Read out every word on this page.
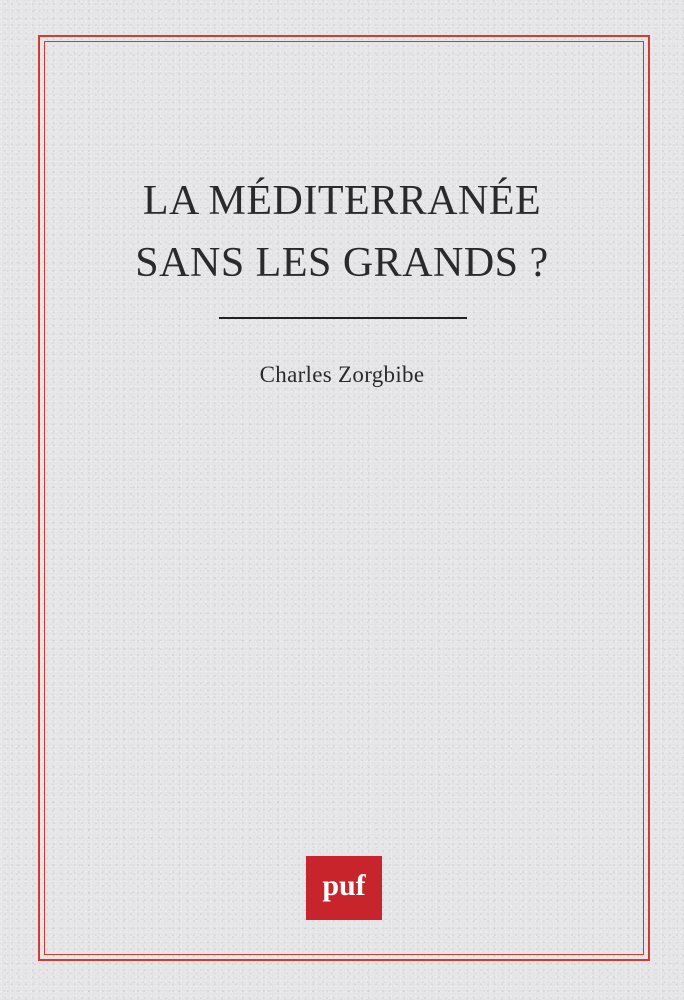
LA MÉDITERRANÉE
SANS LES GRANDS ?
Charles Zorgbibe
puf
